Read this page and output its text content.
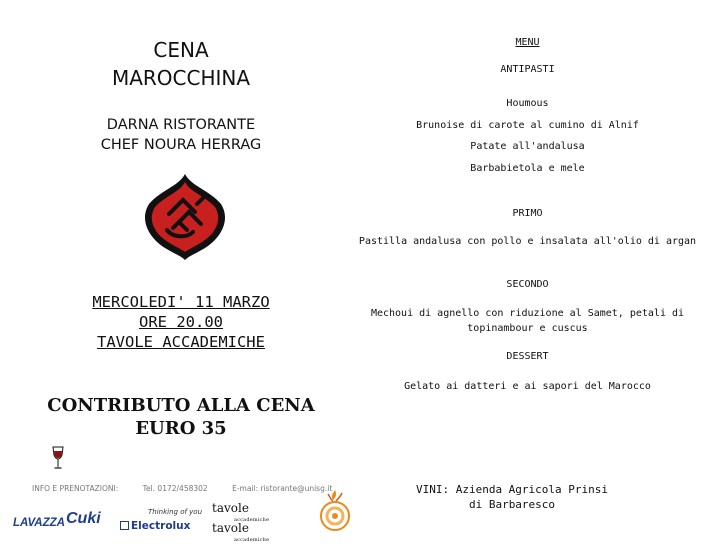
CENA
MAROCCHINA
DARNA RISTORANTE
CHEF NOURA HERRAG
MERCOLEDI' 11 MARZO
ORE 20.00
TAVOLE ACCADEMICHE
CONTRIBUTO ALLA CENA
EURO 35
INFO E PRENOTAZIONI:	Tel. 0172/458302	E-mail: ristorante@unisg.it
LAVAZZA Cuki	Thinking of you
Electrolux
tavole
accademiche
tavole
accademiche
MENU
ANTIPASTI
Houmous
Brunoise di carote al cumino di Alnif
Patate all'andalusa
Barbabietola e mele
PRIMO
Pastilla andalusa con pollo e insalata all'olio di argan
SECONDO
Mechoui di agnello con riduzione al Samet, petali di topinambour e cuscus
DESSERT
Gelato ai datteri e ai sapori del Marocco
VINI: Azienda Agricola Prinsi
di Barbaresco
